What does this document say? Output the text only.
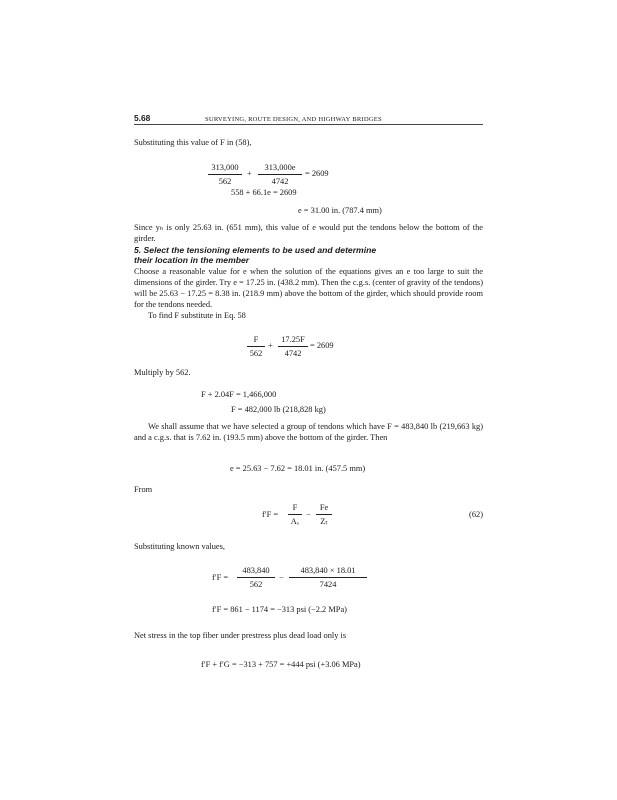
5.68	SURVEYING, ROUTE DESIGN, AND HIGHWAY BRIDGES
Substituting this value of F in (58),
$\frac{313,000}{562} + \frac{313,000e}{4742} = 2609$
558 + 66.1e = 2609
e = 31.00 in. (787.4 mm)
Since yₕ is only 25.63 in. (651 mm), this value of e would put the tendons below the bottom of the girder.
5. Select the tensioning elements to be used and determine
their location in the member
Choose a reasonable value for e when the solution of the equations gives an e too large to suit the dimensions of the girder. Try e = 17.25 in. (438.2 mm). Then the c.g.s. (center of gravity of the tendons) will be 25.63 − 17.25 = 8.38 in. (218.9 mm) above the bottom of the girder, which should provide room for the tendons needed.
To find F substitute in Eq. 58
$\frac{F}{562} + \frac{17.25F}{4742} = 2609$
Multiply by 562.
F + 2.04F = 1,466,000
F = 482,000 lb (218,828 kg)
We shall assume that we have selected a group of tendons which have F = 483,840 lb (219,663 kg) and a c.g.s. that is 7.62 in. (193.5 mm) above the bottom of the girder. Then
e = 25.63 − 7.62 = 18.01 in. (457.5 mm)
From
$f'F = \frac{F}{\text{Aₓ}} - \frac{Fe}{\text{Zₜ}}$	(62)
Substituting known values,
$f'F = \frac{483,840}{562} - \frac{483,840 \times 18.01}{7424}$
f′F = 861 − 1174 = −313 psi (−2.2 MPa)
Net stress in the top fiber under prestress plus dead load only is
f′F + f′G = −313 + 757 = +444 psi (+3.06 MPa)
